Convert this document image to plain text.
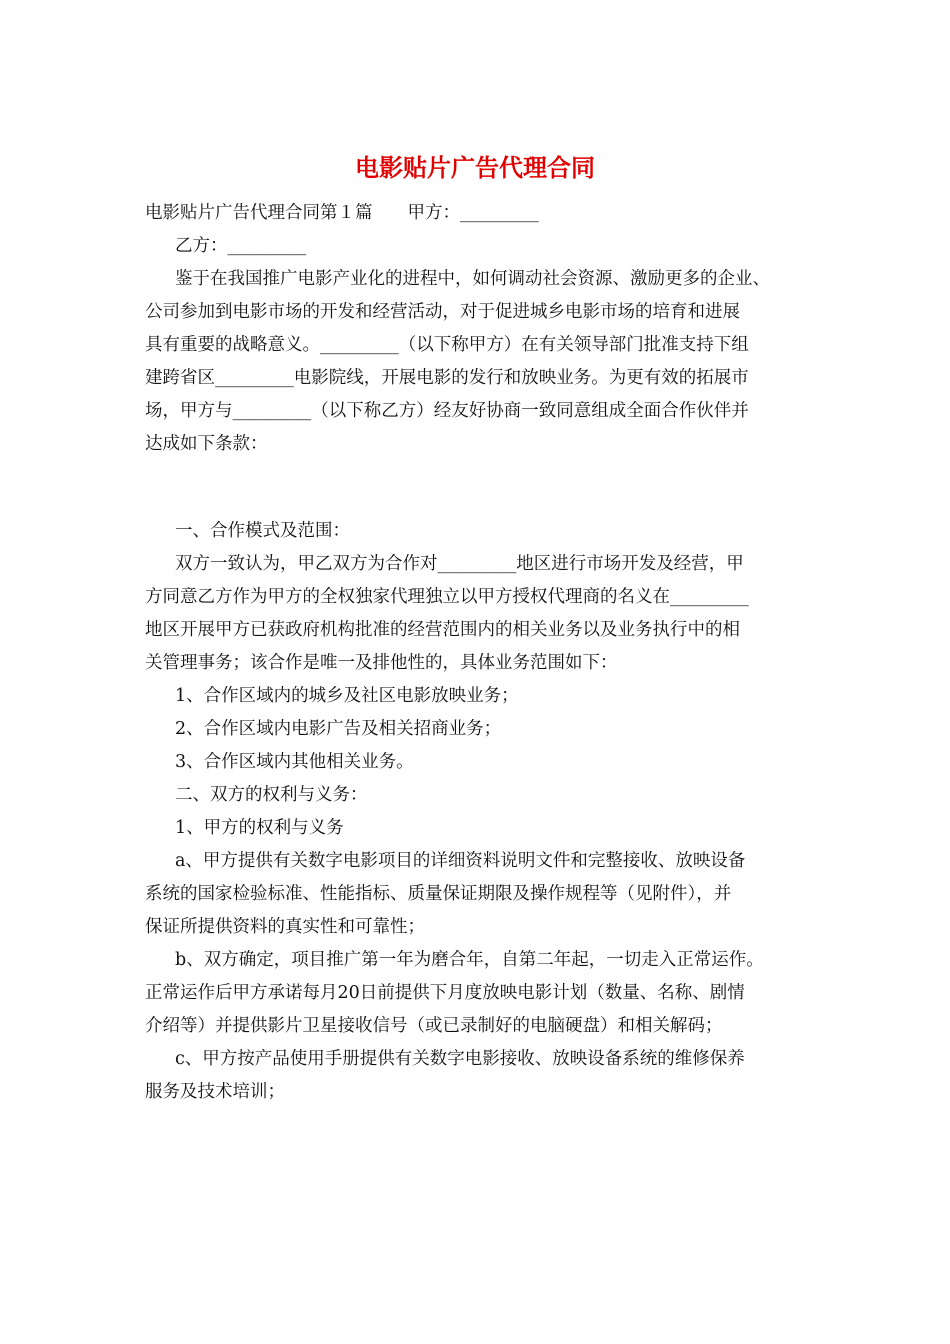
电影贴片广告代理合同
电影贴片广告代理合同第１篇　　甲方：_________
乙方：_________
鉴于在我国推广电影产业化的进程中，如何调动社会资源、激励更多的企业、
公司参加到电影市场的开发和经营活动，对于促进城乡电影市场的培育和进展
具有重要的战略意义。_________（以下称甲方）在有关领导部门批准支持下组
建跨省区_________电影院线，开展电影的发行和放映业务。为更有效的拓展市
场，甲方与_________（以下称乙方）经友好协商一致同意组成全面合作伙伴并
达成如下条款：
一、合作模式及范围：
双方一致认为，甲乙双方为合作对_________地区进行市场开发及经营，甲
方同意乙方作为甲方的全权独家代理独立以甲方授权代理商的名义在_________
地区开展甲方已获政府机构批准的经营范围内的相关业务以及业务执行中的相
关管理事务；该合作是唯一及排他性的，具体业务范围如下：
1、合作区域内的城乡及社区电影放映业务；
2、合作区域内电影广告及相关招商业务；
3、合作区域内其他相关业务。
二、双方的权利与义务：
1、甲方的权利与义务
a、甲方提供有关数字电影项目的详细资料说明文件和完整接收、放映设备
系统的国家检验标准、性能指标、质量保证期限及操作规程等（见附件），并
保证所提供资料的真实性和可靠性；
b、双方确定，项目推广第一年为磨合年，自第二年起，一切走入正常运作。
正常运作后甲方承诺每月20日前提供下月度放映电影计划（数量、名称、剧情
介绍等）并提供影片卫星接收信号（或已录制好的电脑硬盘）和相关解码；
c、甲方按产品使用手册提供有关数字电影接收、放映设备系统的维修保养
服务及技术培训；
